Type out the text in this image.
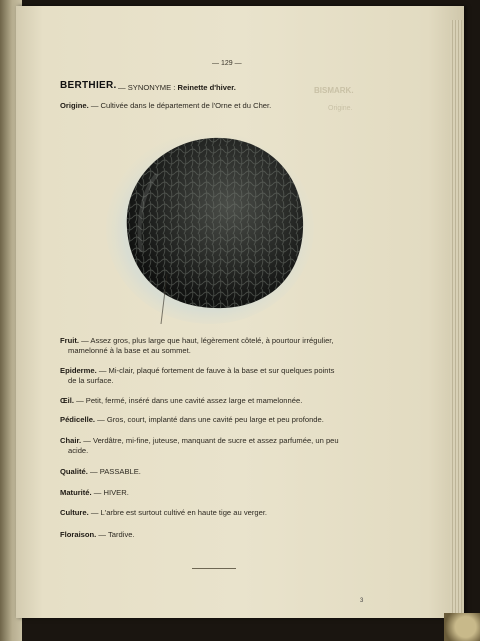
— 129 —
BISMARK.
Origine.
BERTHIER. — SYNONYME : Reinette d'hiver.
Origine. — Cultivée dans le département de l'Orne et du Cher.
Fruit. — Assez gros, plus large que haut, légèrement côtelé, à pourtour irrégulier,
mamelonné à la base et au sommet.
Epiderme. — Mi-clair, plaqué fortement de fauve à la base et sur quelques points
de la surface.
Œil. — Petit, fermé, inséré dans une cavité assez large et mamelonnée.
Pédicelle. — Gros, court, implanté dans une cavité peu large et peu profonde.
Chair. — Verdâtre, mi-fine, juteuse, manquant de sucre et assez parfumée, un peu
acide.
Qualité. — PASSABLE.
Maturité. — HIVER.
Culture. — L'arbre est surtout cultivé en haute tige au verger.
Floraison. — Tardive.
3
